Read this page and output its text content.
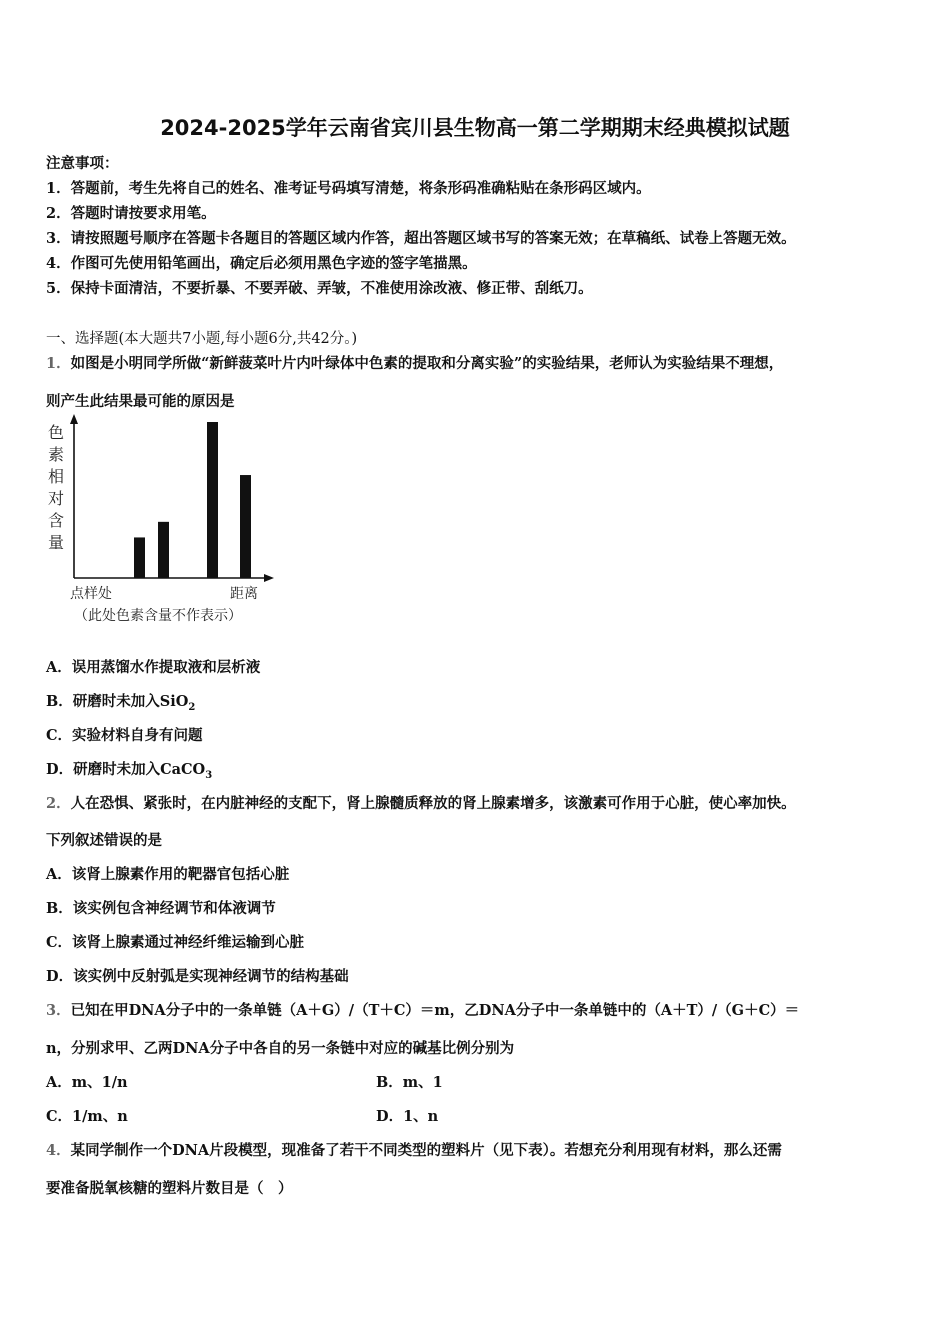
2024-2025学年云南省宾川县生物高一第二学期期末经典模拟试题
注意事项：
1．答题前，考生先将自己的姓名、准考证号码填写清楚，将条形码准确粘贴在条形码区域内。
2．答题时请按要求用笔。
3．请按照题号顺序在答题卡各题目的答题区域内作答，超出答题区域书写的答案无效；在草稿纸、试卷上答题无效。
4．作图可先使用铅笔画出，确定后必须用黑色字迹的签字笔描黑。
5．保持卡面清洁，不要折暴、不要弄破、弄皱，不准使用涂改液、修正带、刮纸刀。
一、选择题(本大题共7小题,每小题6分,共42分。)
1．如图是小明同学所做“新鲜菠菜叶片内叶绿体中色素的提取和分离实验”的实验结果，老师认为实验结果不理想，
则产生此结果最可能的原因是
色
素
相
对
含
量
点样处	距离
（此处色素含量不作表示）
A．误用蒸馏水作提取液和层析液
B．研磨时未加入SiO$_2$
C．实验材料自身有问题
D．研磨时未加入CaCO$_3$
2．人在恐惧、紧张时，在内脏神经的支配下，肾上腺髓质释放的肾上腺素增多，该激素可作用于心脏，使心率加快。
下列叙述错误的是
A．该肾上腺素作用的靶器官包括心脏
B．该实例包含神经调节和体液调节
C．该肾上腺素通过神经纤维运输到心脏
D．该实例中反射弧是实现神经调节的结构基础
3．已知在甲DNA分子中的一条单链（A＋G）/（T＋C）＝m，乙DNA分子中一条单链中的（A＋T）/（G＋C）＝
n，分别求甲、乙两DNA分子中各自的另一条链中对应的碱基比例分别为
A．m、1/n	B．m、1
C．1/m、n	D．1、n
4．某同学制作一个DNA片段模型，现准备了若干不同类型的塑料片（见下表）。若想充分利用现有材料，那么还需
要准备脱氧核糖的塑料片数目是（　）
